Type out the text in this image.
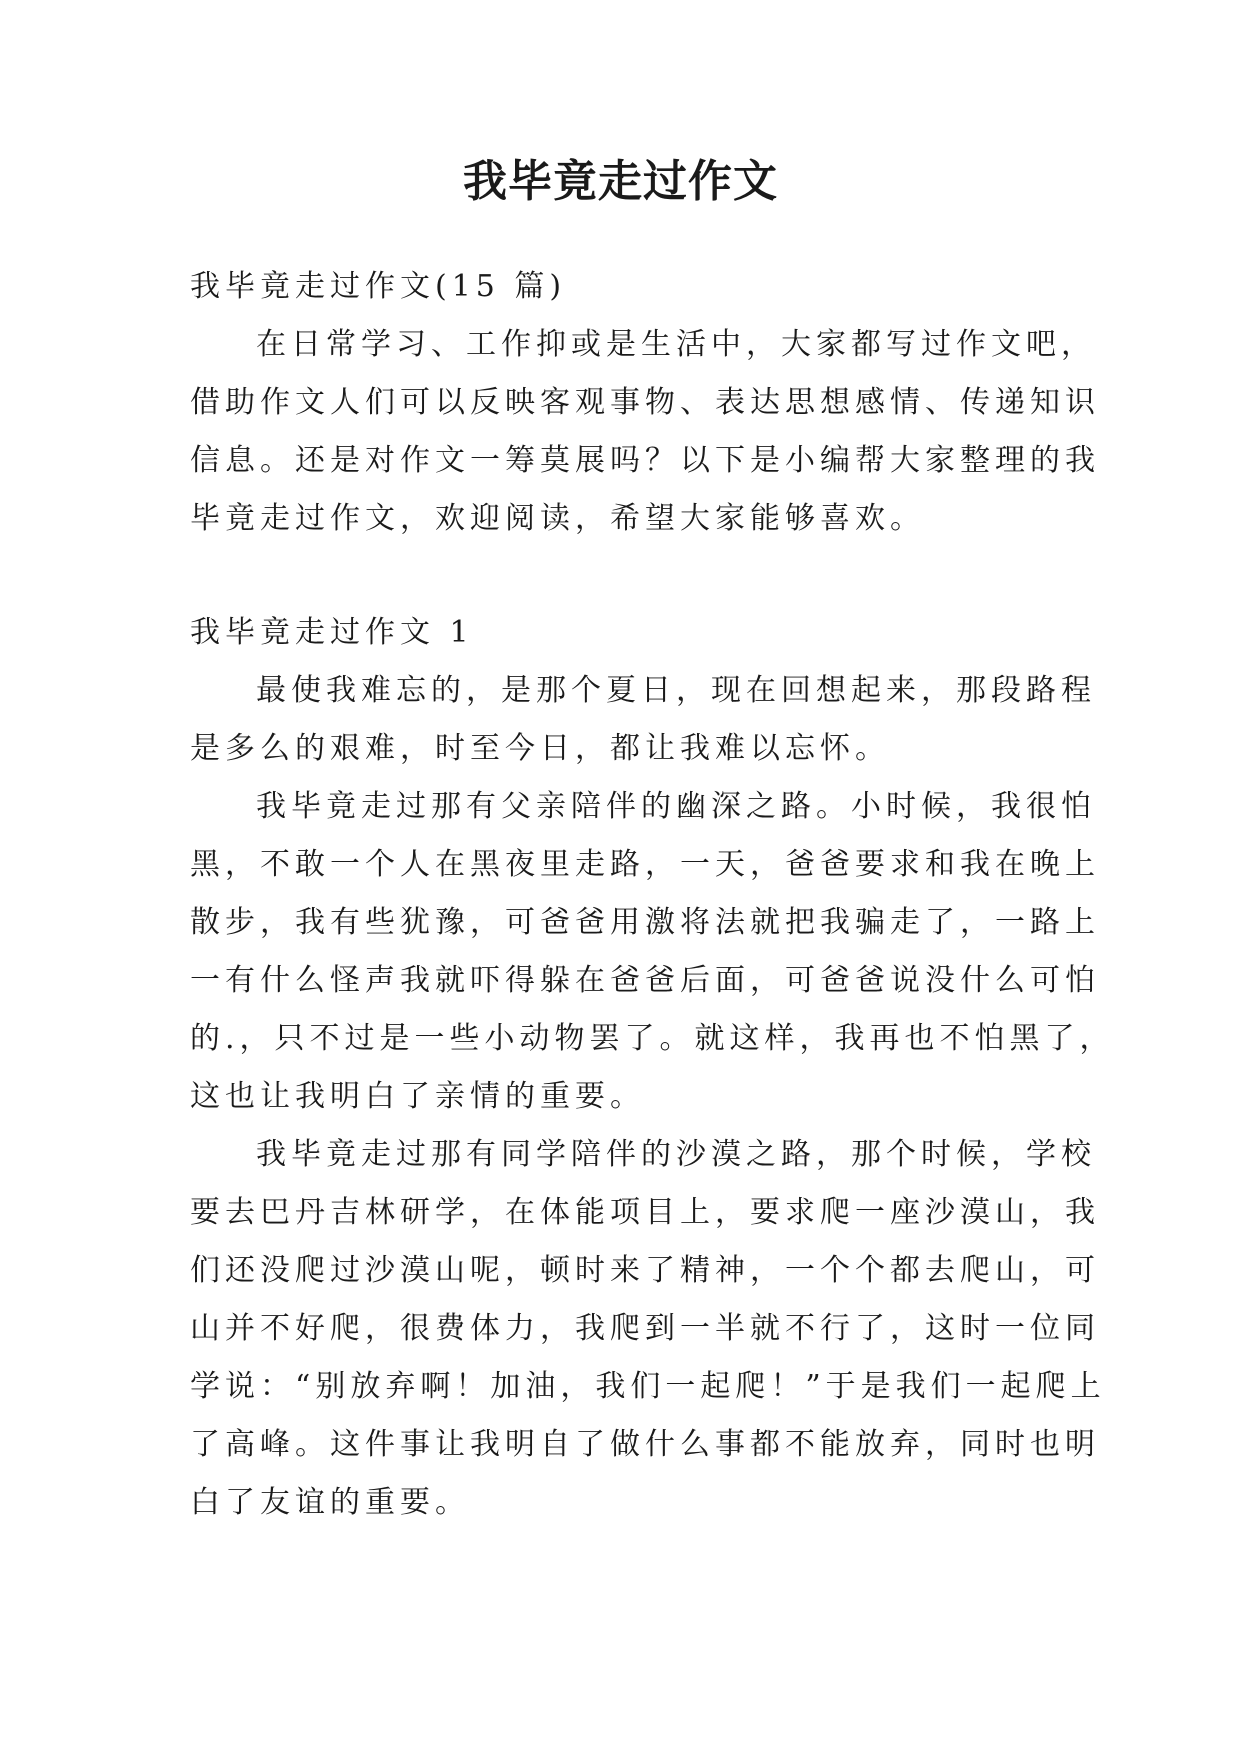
我毕竟走过作文

我毕竟走过作文(15 篇)

在日常学习、工作抑或是生活中，大家都写过作文吧，

借助作文人们可以反映客观事物、表达思想感情、传递知识

信息。还是对作文一筹莫展吗？以下是小编帮大家整理的我

毕竟走过作文，欢迎阅读，希望大家能够喜欢。

我毕竟走过作文 1

最使我难忘的，是那个夏日，现在回想起来，那段路程

是多么的艰难，时至今日，都让我难以忘怀。

我毕竟走过那有父亲陪伴的幽深之路。小时候，我很怕

黑，不敢一个人在黑夜里走路，一天，爸爸要求和我在晚上

散步，我有些犹豫，可爸爸用激将法就把我骗走了，一路上

一有什么怪声我就吓得躲在爸爸后面，可爸爸说没什么可怕

的.，只不过是一些小动物罢了。就这样，我再也不怕黑了，

这也让我明白了亲情的重要。

我毕竟走过那有同学陪伴的沙漠之路，那个时候，学校

要去巴丹吉林研学，在体能项目上，要求爬一座沙漠山，我

们还没爬过沙漠山呢，顿时来了精神，一个个都去爬山，可

山并不好爬，很费体力，我爬到一半就不行了，这时一位同

学说：“别放弃啊！加油，我们一起爬！”于是我们一起爬上

了高峰。这件事让我明自了做什么事都不能放弃，同时也明

白了友谊的重要。
